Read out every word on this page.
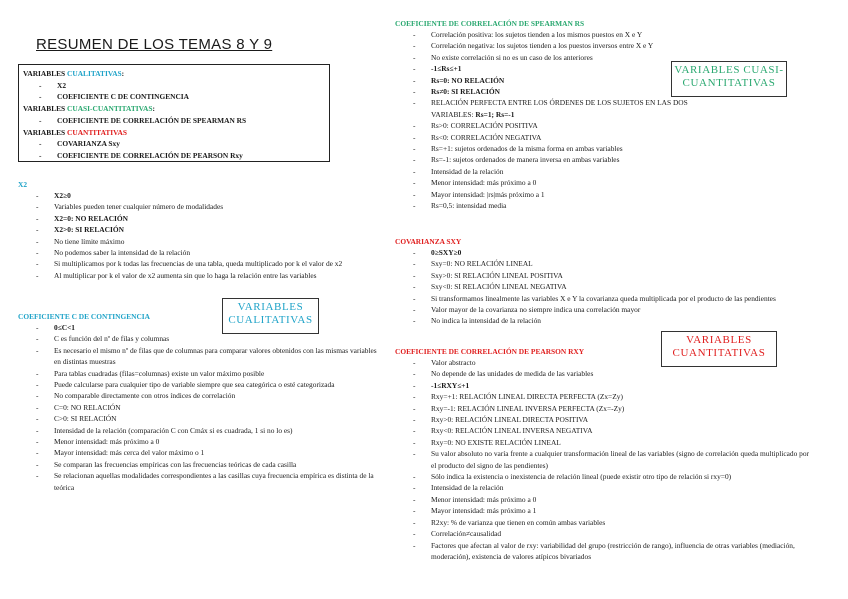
RESUMEN DE LOS TEMAS 8 Y 9
VARIABLES CUALITATIVAS:
- X2
- COEFICIENTE C DE CONTINGENCIA
VARIABLES CUASI-CUANTITATIVAS:
- COEFICIENTE DE CORRELACIÓN DE SPEARMAN RS
VARIABLES CUANTITATIVAS
- COVARIANZA Sxy
- COEFICIENTE DE CORRELACIÓN DE PEARSON Rxy
X2
- X2≥0
- Variables pueden tener cualquier número de modalidades
- X2=0: NO RELACIÓN
- X2>0: SI RELACIÓN
- No tiene límite máximo
- No podemos saber la intensidad de la relación
- Si multiplicamos por k todas las frecuencias de una tabla, queda multiplicado por k el valor de x2
- Al multiplicar por k el valor de x2 aumenta sin que lo haga la relación entre las variables
COEFICIENTE C DE CONTINGENCIA
- 0≤C<1
- C es función del nº de filas y columnas
- Es necesario el mismo nº de filas que de columnas para comparar valores obtenidos con las mismas variables en distintas muestras
- Para tablas cuadradas (filas=columnas) existe un valor máximo posible
- Puede calcularse para cualquier tipo de variable siempre que sea categórica o esté categorizada
- No comparable directamente con otros índices de correlación
- C=0: NO RELACIÓN
- C>0: SI RELACIÓN
- Intensidad de la relación (comparación C con Cmáx si es cuadrada, 1 si no lo es)
- Menor intensidad: más próximo a 0
- Mayor intensidad: más cerca del valor máximo o 1
- Se comparan las frecuencias empíricas con las frecuencias teóricas de cada casilla
- Se relacionan aquellas modalidades correspondientes a las casillas cuya frecuencia empírica es distinta de la teórica
COEFICIENTE DE CORRELACIÓN DE SPEARMAN RS
- Correlación positiva: los sujetos tienden a los mismos puestos en X e Y
- Correlación negativa: los sujetos tienden a los puestos inversos entre X e Y
- No existe correlación si no es un caso de los anteriores
- -1≤Rs≤+1
- Rs=0: NO RELACIÓN
- Rs≠0: SI RELACIÓN
- RELACIÓN PERFECTA ENTRE LOS ÓRDENES DE LOS SUJETOS EN LAS DOS VARIABLES: Rs=1; Rs=-1
- Rs>0: CORRELACIÓN POSITIVA
- Rs<0: CORRELACIÓN NEGATIVA
- Rs=+1: sujetos ordenados de la misma forma en ambas variables
- Rs=-1: sujetos ordenados de manera inversa en ambas variables
- Intensidad de la relación
- Menor intensidad: más próximo a 0
- Mayor intensidad: |rs|más próximo a 1
- Rs=0,5: intensidad media
COVARIANZA SXY
- 0≥SXY≥0
- Sxy=0: NO RELACIÓN LINEAL
- Sxy>0: SI RELACIÓN LINEAL POSITIVA
- Sxy<0: SI RELACIÓN LINEAL NEGATIVA
- Si transformamos linealmente las variables X e Y la covarianza queda multiplicada por el producto de las pendientes
- Valor mayor de la covarianza no siempre indica una correlación mayor
- No indica la intensidad de la relación
COEFICIENTE DE CORRELACIÓN DE PEARSON RXY
- Valor abstracto
- No depende de las unidades de medida de las variables
- -1≤RXY≤+1
- Rxy=+1: RELACIÓN LINEAL DIRECTA PERFECTA (Zx=Zy)
- Rxy=-1: RELACIÓN LINEAL INVERSA PERFECTA (Zx=-Zy)
- Rxy>0: RELACIÓN LINEAL DIRECTA POSITIVA
- Rxy<0: RELACIÓN LINEAL INVERSA NEGATIVA
- Rxy=0: NO EXISTE RELACIÓN LINEAL
- Su valor absoluto no varía frente a cualquier transformación lineal de las variables (signo de correlación queda multiplicado por el producto del signo de las pendientes)
- Sólo indica la existencia o inexistencia de relación lineal (puede existir otro tipo de relación si rxy=0)
- Intensidad de la relación
- Menor intensidad: más próximo a 0
- Mayor intensidad: más próximo a 1
- R2xy: % de varianza que tienen en común ambas variables
- Correlación≠causalidad
- Factores que afectan al valor de rxy: variabilidad del grupo (restricción de rango), influencia de otras variables (mediación, moderación), existencia de valores atípicos bivariados
VARIABLES
CUALITATIVAS
VARIABLES CUASI-
CUANTITATIVAS
VARIABLES
CUANTITATIVAS
